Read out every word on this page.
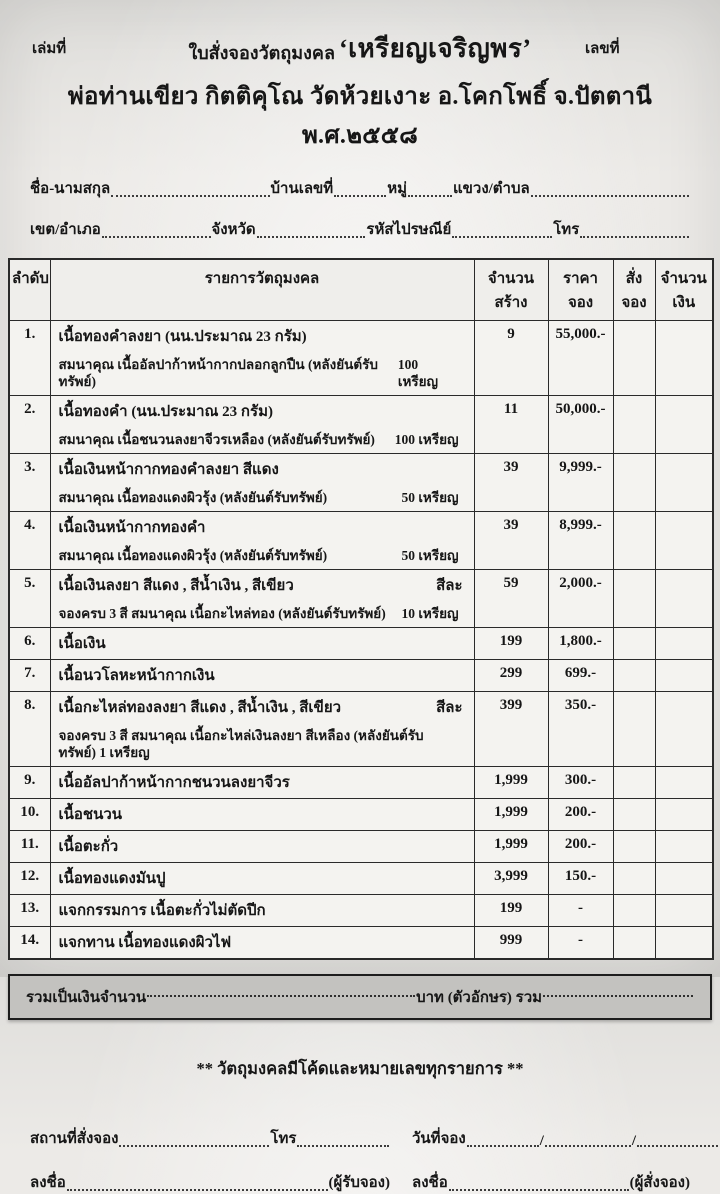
เล่มที่	ใบสั่งจองวัตถุมงคล ‘เหรียญเจริญพร’	เลขที่
พ่อท่านเขียว กิตติคุโณ วัดห้วยเงาะ อ.โคกโพธิ์ จ.ปัตตานี พ.ศ.๒๕๕๘
ชื่อ-นามสกุล	บ้านเลขที่	หมู่	แขวง/ตำบล
เขต/อำเภอ	จังหวัด	รหัสไปรษณีย์	โทร
ลำดับ	รายการวัตถุมงคล	จำนวนสร้าง	ราคาจอง	สั่งจอง	จำนวนเงิน
1.	เนื้อทองคำลงยา (นน.ประมาณ 23 กรัม)
สมนาคุณ เนื้ออัลปาก้าหน้ากากปลอกลูกปืน (หลังยันต์รับทรัพย์)
100 เหรียญ	9	55,000.-		
2.	เนื้อทองคำ (นน.ประมาณ 23 กรัม)
สมนาคุณ เนื้อชนวนลงยาจีวรเหลือง (หลังยันต์รับทรัพย์) 100 เหรียญ	11	50,000.-		
3.	เนื้อเงินหน้ากากทองคำลงยา สีแดง
สมนาคุณ เนื้อทองแดงผิวรุ้ง (หลังยันต์รับทรัพย์) 50 เหรียญ	39	9,999.-		
4.	เนื้อเงินหน้ากากทองคำ
สมนาคุณ เนื้อทองแดงผิวรุ้ง (หลังยันต์รับทรัพย์) 50 เหรียญ	39	8,999.-		
5.	เนื้อเงินลงยา สีแดง , สีน้ำเงิน , สีเขียว สีละ
จองครบ 3 สี สมนาคุณ เนื้อกะไหล่ทอง (หลังยันต์รับทรัพย์) 10 เหรียญ	59	2,000.-		
6.	เนื้อเงิน	199	1,800.-		
7.	เนื้อนวโลหะหน้ากากเงิน	299	699.-		
8.	เนื้อกะไหล่ทองลงยา สีแดง , สีน้ำเงิน , สีเขียว สีละ
จองครบ 3 สี สมนาคุณ เนื้อกะไหล่เงินลงยา สีเหลือง (หลังยันต์รับทรัพย์) 1 เหรียญ	399	350.-		
9.	เนื้ออัลปาก้าหน้ากากชนวนลงยาจีวร	1,999	300.-		
10.	เนื้อชนวน	1,999	200.-		
11.	เนื้อตะกั่ว	1,999	200.-		
12.	เนื้อทองแดงมันปู	3,999	150.-		
13.	แจกกรรมการ เนื้อตะกั่วไม่ตัดปีก	199	-		
14.	แจกทาน เนื้อทองแดงผิวไฟ	999	-		
รวมเป็นเงินจำนวน	บาท (ตัวอักษร) รวม
** วัตถุมงคลมีโค้ดและหมายเลขทุกรายการ **
สถานที่สั่งจอง	โทร
ลงชื่อ	(ผู้รับจอง)
วันที่จอง	/	/
ลงชื่อ	(ผู้สั่งจอง)
